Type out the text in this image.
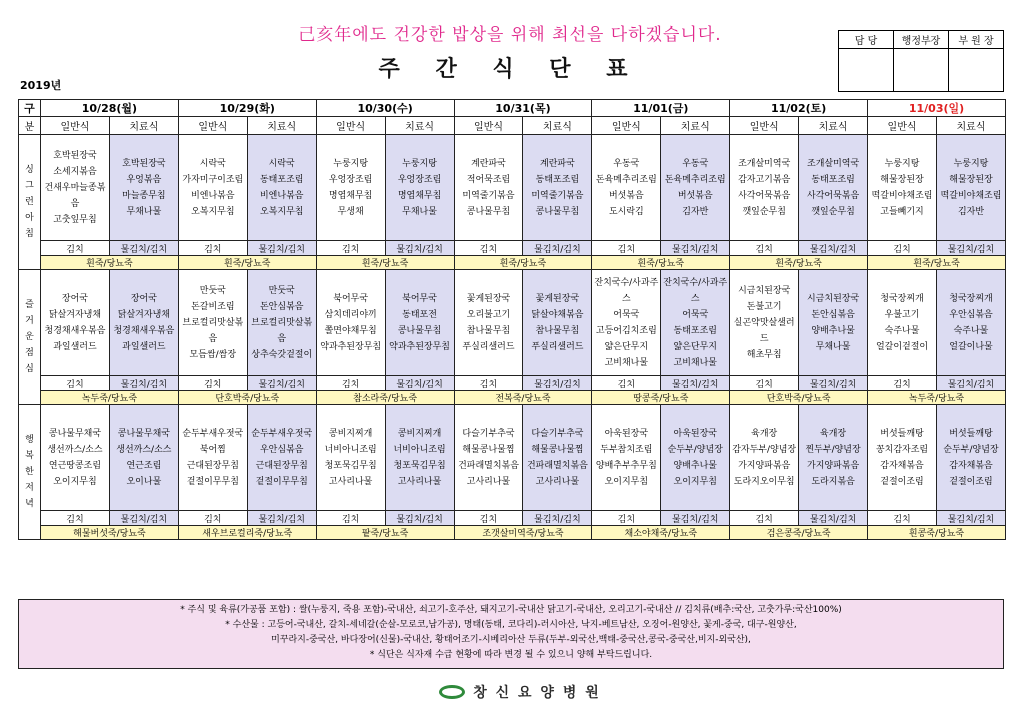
己亥年에도 건강한 밥상을 위해 최선을 다하겠습니다.
주 간 식 단 표
2019년
담 당	행정부장	부 원 장

구	10/28(월)		10/29(화)		10/30(수)		10/31(목)		11/01(금)		11/02(토)		11/03(일)	
분	일반식	치료식	일반식	치료식	일반식	치료식	일반식	치료식	일반식	치료식	일반식	치료식	일반식	치료식
싱
그
런
아
침	호박된장국
소세지볶음
건새우마늘종볶음
고춧잎무침	호박된장국
우엉볶음
마늘종무침
무채나물	시락국
가자미구이조림
비엔나볶음
오복지무침	시락국
동태포조림
비엔나볶음
오복지무침	누룽지탕
우엉장조림
명엽채무침
무생채	누룽지탕
우엉장조림
명엽채무침
무채나물	계란파국
적어묵조림
미역줄기볶음
콩나물무침	계란파국
동태포조림
미역줄기볶음
콩나물무침	우동국
돈육메추리조림
버섯볶음
도시락김	우동국
돈육메추리조림
버섯볶음
김자반	조개살미역국
감자고기볶음
사각어묵볶음
깻잎순무침	조개살미역국
동태포조림
사각어묵볶음
깻잎순무침	누룽지탕
해물장된장
떡갈비야채조림
고들빼기지	누룽지탕
해물장된장
떡갈비야채조림
김자반
	김치	물김치/김치	김치	물김치/김치	김치	물김치/김치	김치	물김치/김치	김치	물김치/김치	김치	물김치/김치	김치	물김치/김치
	흰죽/당뇨죽		흰죽/당뇨죽		흰죽/당뇨죽		흰죽/당뇨죽		흰죽/당뇨죽		흰죽/당뇨죽		흰죽/당뇨죽	
즐
거
운
점
심	장어국
닭살겨자냉채
청경채새우볶음
과일샐러드	장어국
닭살겨자냉채
청경채새우볶음
과일샐러드	만둣국
돈갈비조림
브로컬리맛살볶음
모듬쌈/쌈장	만둣국
돈안심볶음
브로컬리맛살볶음
상추숙갓겉절이	북어무국
삼치데리야끼
쫄면야채무침
약과추된장무침	북어무국
동태포전
콩나물무침
약과추된장무침	꽃게된장국
오리불고기
참나물무침
푸실리샐러드	꽃게된장국
닭살야채볶음
참나물무침
푸실리샐러드	잔치국수/사과주스
어묵국
고등어김치조림
얇은단무지
고비채나물	잔치국수/사과주스
어묵국
동태포조림
얇은단무지
고비채나물	시금치된장국
돈불고기
실곤약맛살샐러드
해초무침	시금치된장국
돈안심볶음
양배추나물
무채나물	청국장찌개
우불고기
숙주나물
얼갈이겉절이	청국장찌개
우안심볶음
숙주나물
얼갈이나물
	김치	물김치/김치	김치	물김치/김치	김치	물김치/김치	김치	물김치/김치	김치	물김치/김치	김치	물김치/김치	김치	물김치/김치
	녹두죽/당뇨죽		단호박죽/당뇨죽		참소라죽/당뇨죽		전복죽/당뇨죽		땅콩죽/당뇨죽		단호박죽/당뇨죽		녹두죽/당뇨죽	
행
복
한
저
녁	콩나물무채국
생선까스/소스
연근땅콩조림
오이지무침	콩나물무채국
생선까스/소스
연근조림
오이나물	순두부새우젓국
북어찜
근대된장무침
겉절이무무침	순두부새우젓국
우안심볶음
근대된장무침
겉절이무무침	콩비지찌개
너비아니조림
청포묵김무침
고사리나물	콩비지찌개
너비아니조림
청포묵김무침
고사리나물	다슬기부추국
해물콩나물찜
건파래멸치볶음
고사리나물	다슬기부추국
해물콩나물찜
건파래멸치볶음
고사리나물	아욱된장국
두부참치조림
양배추부추무침
오이지무침	아욱된장국
순두부/양념장
양배추나물
오이지무침	육개장
감자두부/양념장
가지양파볶음
도라지오이무침	육개장
찐두부/양념장
가지양파볶음
도라지볶음	버섯들깨탕
꽁치감자조림
감자채볶음
겉절이조림	버섯들깨탕
순두부/양념장
감자채볶음
겉절이조림
	김치	물김치/김치	김치	물김치/김치	김치	물김치/김치	김치	물김치/김치	김치	물김치/김치	김치	물김치/김치	김치	물김치/김치
	해물버섯죽/당뇨죽		새우브로컬리죽/당뇨죽		팥죽/당뇨죽		조갯살미역죽/당뇨죽		채소야채죽/당뇨죽		검은콩죽/당뇨죽		흰콩죽/당뇨죽	
* 주식 및 육류(가공품 포함) : 쌀(누룽지, 죽용 포함)-국내산, 쇠고기-호주산, 돼지고기-국내산 닭고기-국내산, 오리고기-국내산 // 김치류(배추:국산, 고춧가루:국산100%)
* 수산물 : 고등어-국내산, 갈치-세네갈(순살-모로코,남가공), 명태(동태, 코다리)-러시아산, 낙지-베트남산, 오징어-원양산, 꽃게-중국, 대구-원양산,
미꾸라지-중국산, 바다장어(신물)-국내산, 황태어조기-시베리아산 두류(두부-외국산,백태-중국산,콩국-중국산,비지-외국산),
* 식단은 식자재 수급 현황에 따라 변경 될 수 있으니 양해 부탁드립니다.
창 신 요 양 병 원
